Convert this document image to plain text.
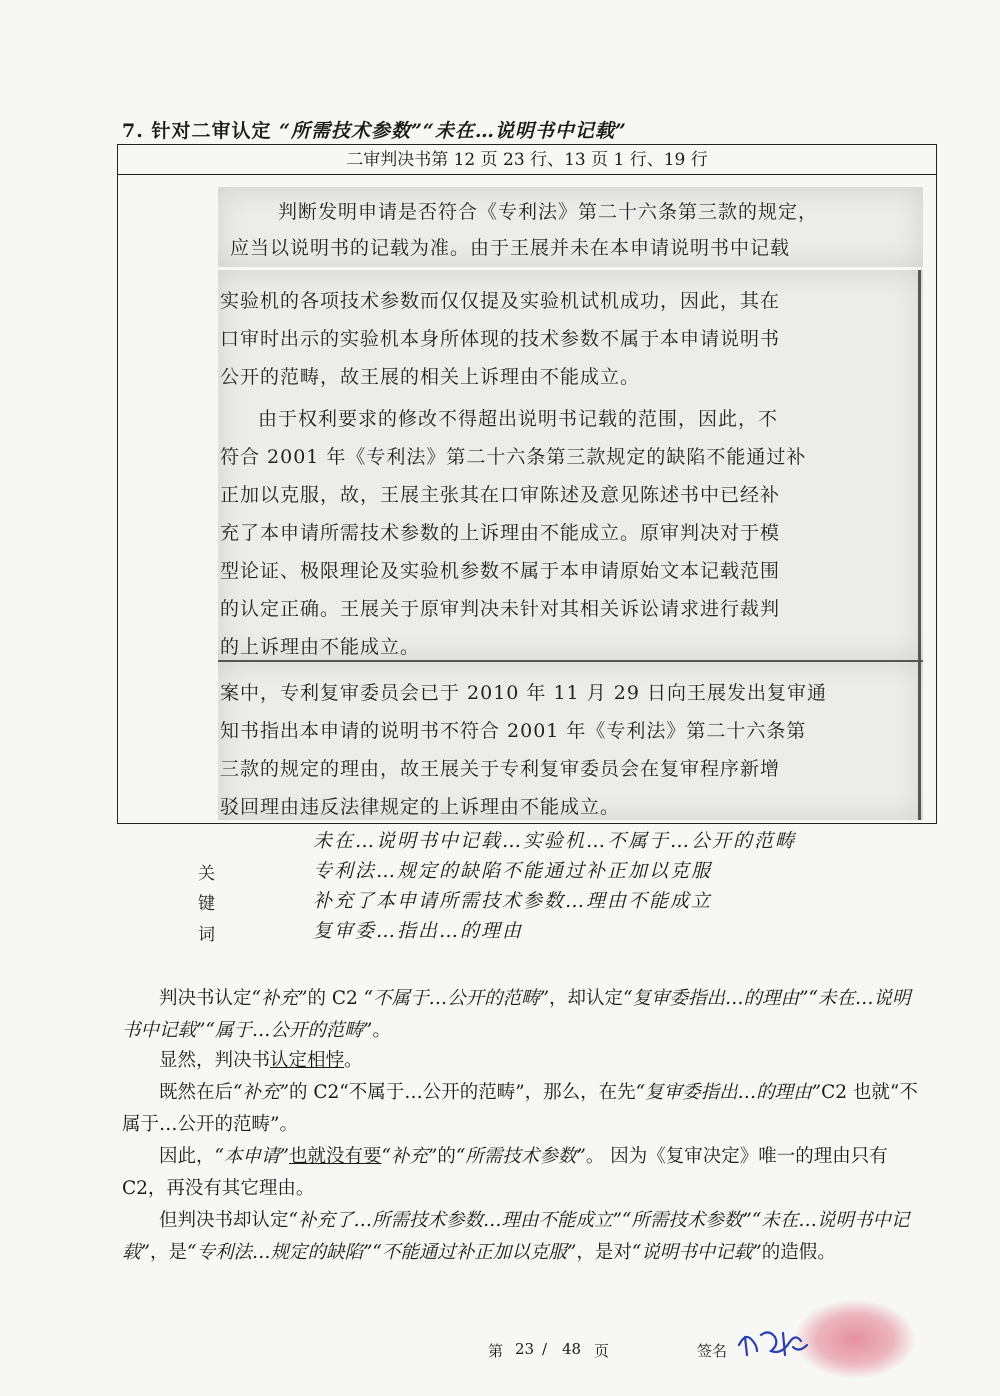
7. 针对二审认定 “所需技术参数”“未在…说明书中记载”
二审判决书第 12 页 23 行、13 页 1 行、19 行
判断发明申请是否符合《专利法》第二十六条第三款的规定，
应当以说明书的记载为准。由于王展并未在本申请说明书中记载
实验机的各项技术参数而仅仅提及实验机试机成功，因此，其在
口审时出示的实验机本身所体现的技术参数不属于本申请说明书
公开的范畴，故王展的相关上诉理由不能成立。
由于权利要求的修改不得超出说明书记载的范围，因此，不
符合 2001 年《专利法》第二十六条第三款规定的缺陷不能通过补
正加以克服，故，王展主张其在口审陈述及意见陈述书中已经补
充了本申请所需技术参数的上诉理由不能成立。原审判决对于模
型论证、极限理论及实验机参数不属于本申请原始文本记载范围
的认定正确。王展关于原审判决未针对其相关诉讼请求进行裁判
的上诉理由不能成立。
案中，专利复审委员会已于 2010 年 11 月 29 日向王展发出复审通
知书指出本申请的说明书不符合 2001 年《专利法》第二十六条第
三款的规定的理由，故王展关于专利复审委员会在复审程序新增
驳回理由违反法律规定的上诉理由不能成立。
未在…说明书中记载…实验机…不属于…公开的范畴
关	专利法…规定的缺陷不能通过补正加以克服
键	补充了本申请所需技术参数…理由不能成立
词	复审委…指出…的理由
判决书认定“补充”的 C2 “不属于…公开的范畴”，却认定“复审委指出…的理由”“未在…说明书中记载”“属于…公开的范畴”。
显然，判决书认定相悖。
既然在后“补充”的 C2“不属于…公开的范畴”，那么，在先“复审委指出…的理由”C2 也就“不属于…公开的范畴”。
因此，“本申请”也就没有要“补充”的“所需技术参数”。 因为《复审决定》唯一的理由只有 C2，再没有其它理由。
但判决书却认定“补充了…所需技术参数…理由不能成立”“所需技术参数”“未在…说明书中记载”，是“专利法…规定的缺陷”“不能通过补正加以克服”，是对“说明书中记载”的造假。
第 23 / 48 页	签名
